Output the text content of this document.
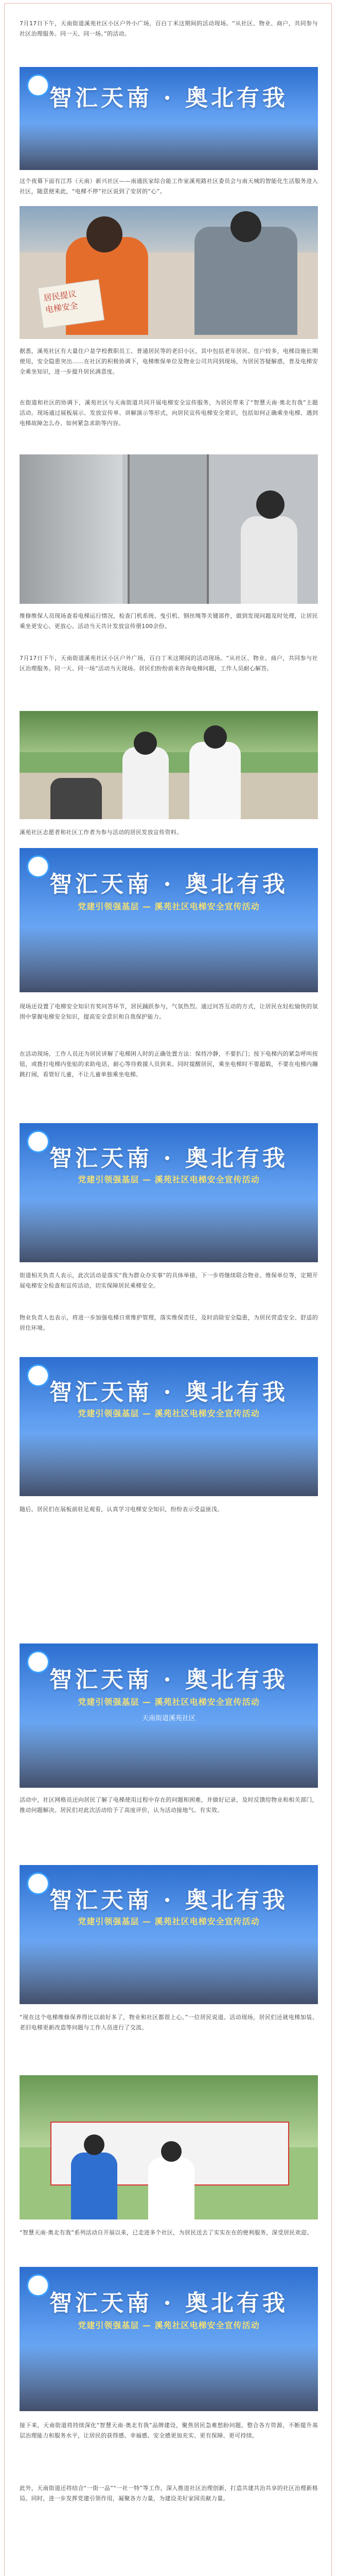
7月17日下午，天南街道溪苑社区小区户外小广场，百白丁米这期间的活动现场。“从社区、物业、商户，共同参与社区治理服务。同一天、同一场。”的活动。

智汇天南 · 奥北有我

这个夜幕下面有江苏（天南）新兴社区——南通医家综合能工作室溪苑路社区委员会与南天城的智能化生活服务进入社区，随意便来此，“电梯不停”社区说到了安居的“心”。

居民提议
电梯安全

据悉，溪苑社区有大量住户是学校教职员工、普通居民等的老旧小区，其中包括老年居民、住户较多，电梯设施长期使用，安全隐患突出……在社区的积极协调下，电梯维保单位及物业公司共同到现场，为居民答疑解惑，普及电梯安全乘坐知识，进一步提升居民满意度。

在街道和社区的协调下，溪苑社区与天南街道共同开展电梯安全宣传服务，为居民带来了“智慧天南·奥北有我”主题活动。现场通过展板展示、发放宣传单、讲解演示等形式，向居民宣传电梯安全常识，包括如何正确乘坐电梯、遇到电梯故障怎么办、如何紧急求助等内容。

维修维保人员现场查看电梯运行情况，检查门机系统、曳引机、钢丝绳等关键部件，做到发现问题及时处理，让居民乘坐更安心、更放心。活动当天共计发放宣传册100余份。

7月17日下午，天南街道溪苑社区小区户外广场，百白丁米这期间的活动现场。“从社区、物业、商户，共同参与社区治理服务。同一天、同一场”活动当天现场。居民们纷纷前来咨询电梯问题，工作人员耐心解答。

溪苑社区志愿者和社区工作者为参与活动的居民发放宣传资料。

智汇天南 · 奥北有我
党建引领强基层 — 溪苑社区电梯安全宣传活动

现场还设置了电梯安全知识有奖问答环节，居民踊跃参与，气氛热烈。通过问答互动的方式，让居民在轻松愉快的氛围中掌握电梯安全知识，提高安全意识和自我保护能力。

在活动现场，工作人员还为居民讲解了电梯困人时的正确处置方法：保持冷静，不要扒门；按下电梯内的紧急呼叫按钮，或拨打电梯内张贴的求助电话，耐心等待救援人员到来。同时提醒居民，乘坐电梯时不要超载，不要在电梯内蹦跳打闹，看管好儿童，不让儿童单独乘坐电梯。

智汇天南 · 奥北有我
党建引领强基层 — 溪苑社区电梯安全宣传活动

街道相关负责人表示，此次活动是落实“我为群众办实事”的具体举措，下一步将继续联合物业、维保单位等，定期开展电梯安全检查和宣传活动，切实保障居民乘梯安全。

物业负责人也表示，将进一步加强电梯日常维护管理，落实维保责任，及时消除安全隐患，为居民营造安全、舒适的居住环境。

智汇天南 · 奥北有我
党建引领强基层 — 溪苑社区电梯安全宣传活动

随后，居民们在展板前驻足观看，认真学习电梯安全知识，纷纷表示受益匪浅。

智汇天南 · 奥北有我
党建引领强基层 — 溪苑社区电梯安全宣传活动
天南街道溪苑社区

活动中，社区网格员还向居民了解了电梯使用过程中存在的问题和困难，并做好记录，及时反馈给物业和相关部门，推动问题解决。居民们对此次活动给予了高度评价，认为活动接地气、有实效。

智汇天南 · 奥北有我
党建引领强基层 — 溪苑社区电梯安全宣传活动

“现在这个电梯维修保养得比以前好多了，物业和社区都很上心。”一位居民说道。活动现场，居民们还就电梯加装、老旧电梯更新改造等问题与工作人员进行了交流。

“智慧天南·奥北有我”系列活动自开展以来，已走进多个社区，为居民送去了实实在在的便利服务，深受居民欢迎。

智汇天南 · 奥北有我
党建引领强基层 — 溪苑社区电梯安全宣传活动

接下来，天南街道将持续深化“智慧天南·奥北有我”品牌建设，聚焦居民急难愁盼问题，整合各方资源，不断提升基层治理能力和服务水平，让居民的获得感、幸福感、安全感更加充实、更有保障、更可持续。

此外，天南街道还将结合“一街一品”“一社一特”等工作，深入推进社区治理创新，打造共建共治共享的社区治理新格局。同时，进一步发挥党建引领作用，凝聚各方力量，为建设美好家园贡献力量。
